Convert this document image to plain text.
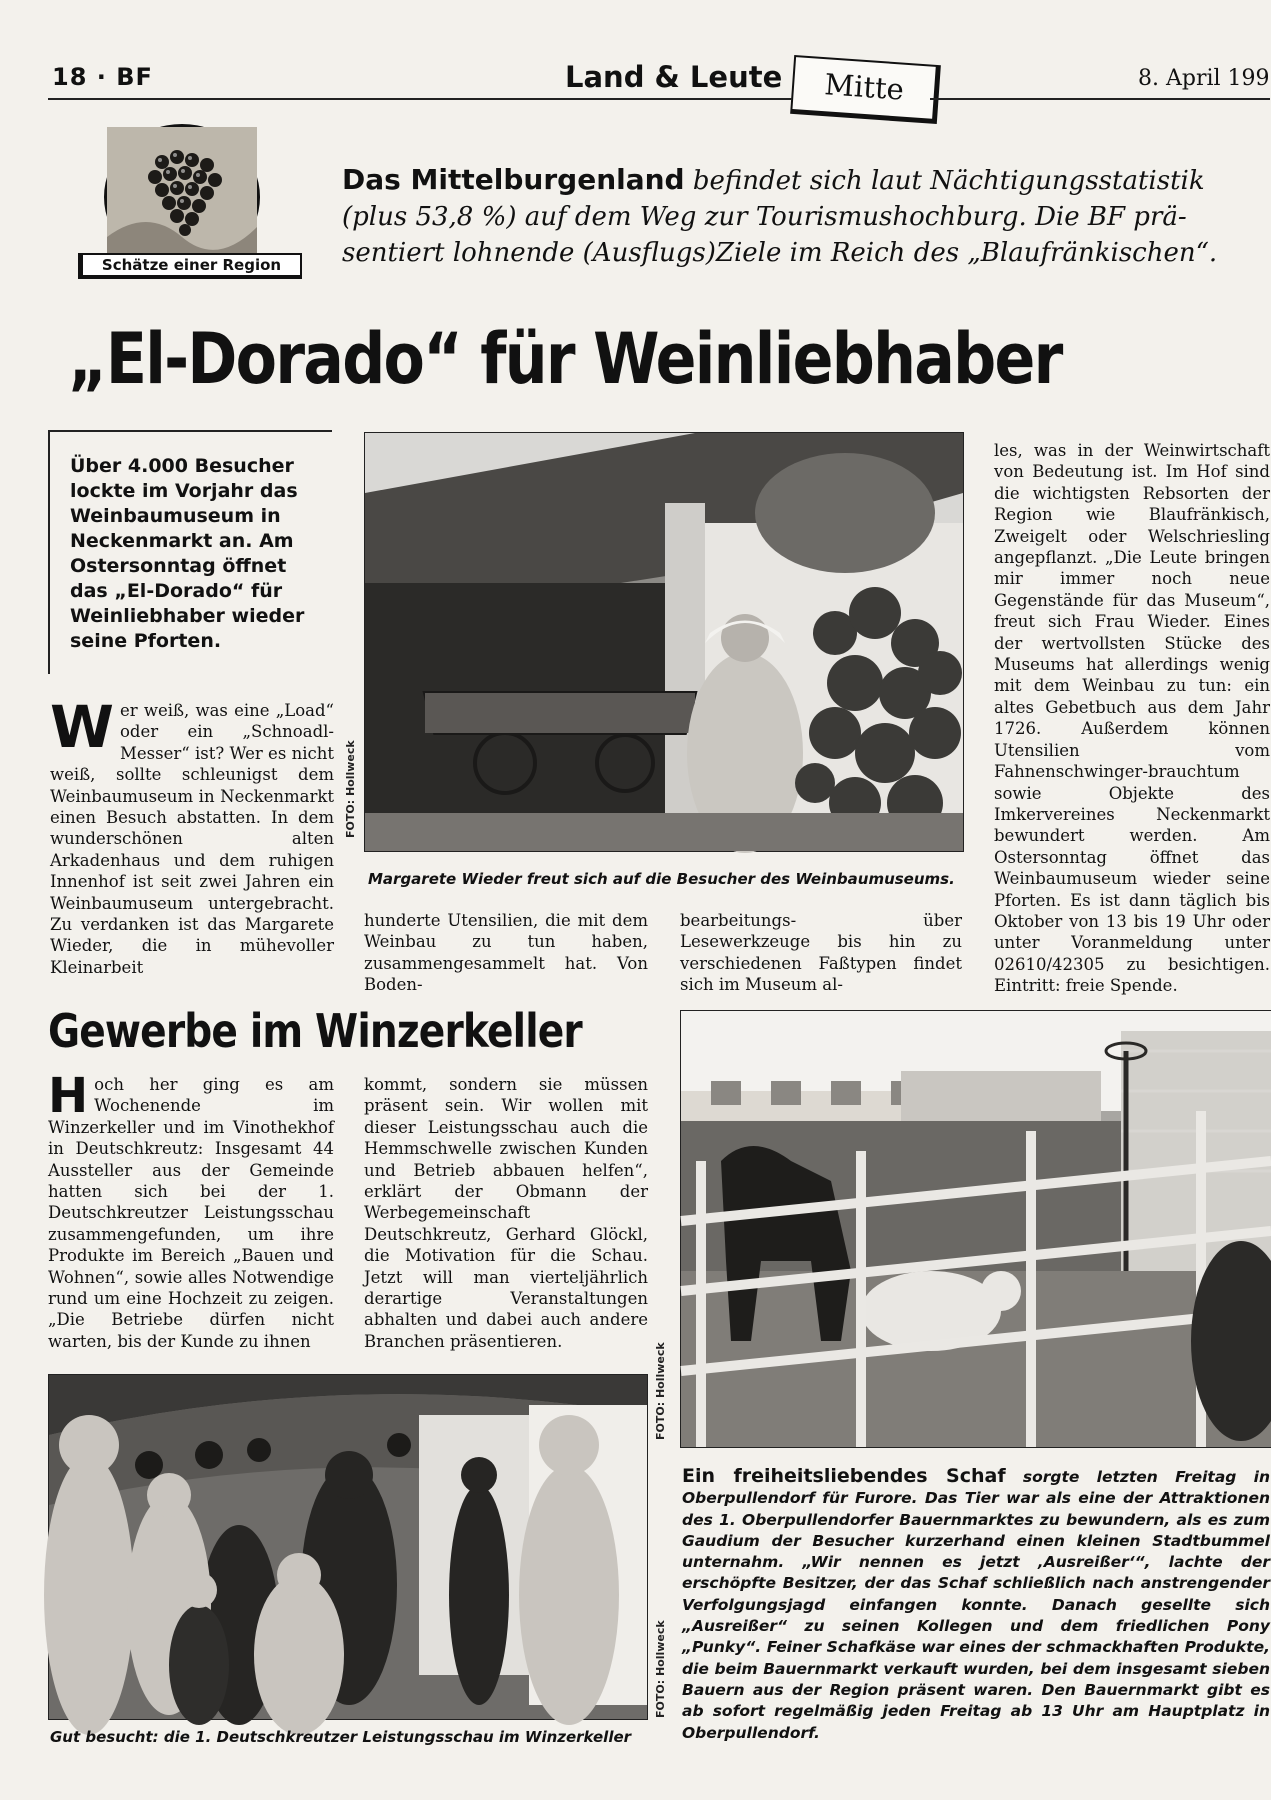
18 · BF	Land & Leute	Mitte	8. April 199
Schätze einer Region
Das Mittelburgenland befindet sich laut Nächtigungsstatistik
(plus 53,8 %) auf dem Weg zur Tourismushochburg. Die BF prä-
sentiert lohnende (Ausflugs)Ziele im Reich des „Blaufränkischen“.
„El-Dorado“ für Weinliebhaber
Über 4.000 Besucher lockte im Vorjahr das Weinbaumuseum in Neckenmarkt an. Am Ostersonntag öffnet das „El-Dorado“ für Weinliebhaber wieder seine Pforten.
FOTO: Hollweck
Margarete Wieder freut sich auf die Besucher des Weinbaumuseums.

Wer weiß, was eine „Load“ oder ein „Schnoadl-Messer“ ist? Wer es nicht weiß, sollte schleunigst dem Weinbaumuseum in Neckenmarkt einen Besuch abstatten. In dem wunderschönen alten Arkadenhaus und dem ruhigen Innenhof ist seit zwei Jahren ein Weinbaumuseum untergebracht. Zu verdanken ist das Margarete Wieder, die in mühevoller Kleinarbeit

hunderte Utensilien, die mit dem Weinbau zu tun haben, zusammengesammelt hat. Von Boden-

bearbeitungs- über Lesewerkzeuge bis hin zu verschiedenen Faßtypen findet sich im Museum al-

les, was in der Weinwirtschaft von Bedeutung ist. Im Hof sind die wichtigsten Rebsorten der Region wie Blaufränkisch, Zweigelt oder Welschriesling angepflanzt. „Die Leute bringen mir immer noch neue Gegenstände für das Museum“, freut sich Frau Wieder. Eines der wertvollsten Stücke des Museums hat allerdings wenig mit dem Weinbau zu tun: ein altes Gebetbuch aus dem Jahr 1726. Außerdem können Utensilien vom Fahnenschwinger-brauchtum sowie Objekte des Imkervereines Neckenmarkt bewundert werden. Am Ostersonntag öffnet das Weinbaumuseum wieder seine Pforten. Es ist dann täglich bis Oktober von 13 bis 19 Uhr oder unter Voranmeldung unter 02610/42305 zu besichtigen. Eintritt: freie Spende.

Gewerbe im Winzerkeller

Hoch her ging es am Wochenende im Winzerkeller und im Vinothekhof in Deutschkreutz: Insgesamt 44 Aussteller aus der Gemeinde hatten sich bei der 1. Deutschkreutzer Leistungsschau zusammengefunden, um ihre Produkte im Bereich „Bauen und Wohnen“, sowie alles Notwendige rund um eine Hochzeit zu zeigen. „Die Betriebe dürfen nicht warten, bis der Kunde zu ihnen

kommt, sondern sie müssen präsent sein. Wir wollen mit dieser Leistungsschau auch die Hemmschwelle zwischen Kunden und Betrieb abbauen helfen“, erklärt der Obmann der Werbegemeinschaft Deutschkreutz, Gerhard Glöckl, die Motivation für die Schau. Jetzt will man vierteljährlich derartige Veranstaltungen abhalten und dabei auch andere Branchen präsentieren.

FOTO: Hollweck
Gut besucht: die 1. Deutschkreutzer Leistungsschau im Winzerkeller
FOTO: Hollweck

Ein freiheitsliebendes Schaf sorgte letzten Freitag in Oberpullendorf für Furore. Das Tier war als eine der Attraktionen des 1. Oberpullendorfer Bauernmarktes zu bewundern, als es zum Gaudium der Besucher kurzerhand einen kleinen Stadtbummel unternahm. „Wir nennen es jetzt ‚Ausreißer‘“, lachte der erschöpfte Besitzer, der das Schaf schließlich nach anstrengender Verfolgungsjagd einfangen konnte. Danach gesellte sich „Ausreißer“ zu seinen Kollegen und dem friedlichen Pony „Punky“. Feiner Schafkäse war eines der schmackhaften Produkte, die beim Bauernmarkt verkauft wurden, bei dem insgesamt sieben Bauern aus der Region präsent waren. Den Bauernmarkt gibt es ab sofort regelmäßig jeden Freitag ab 13 Uhr am Hauptplatz in Oberpullendorf.
